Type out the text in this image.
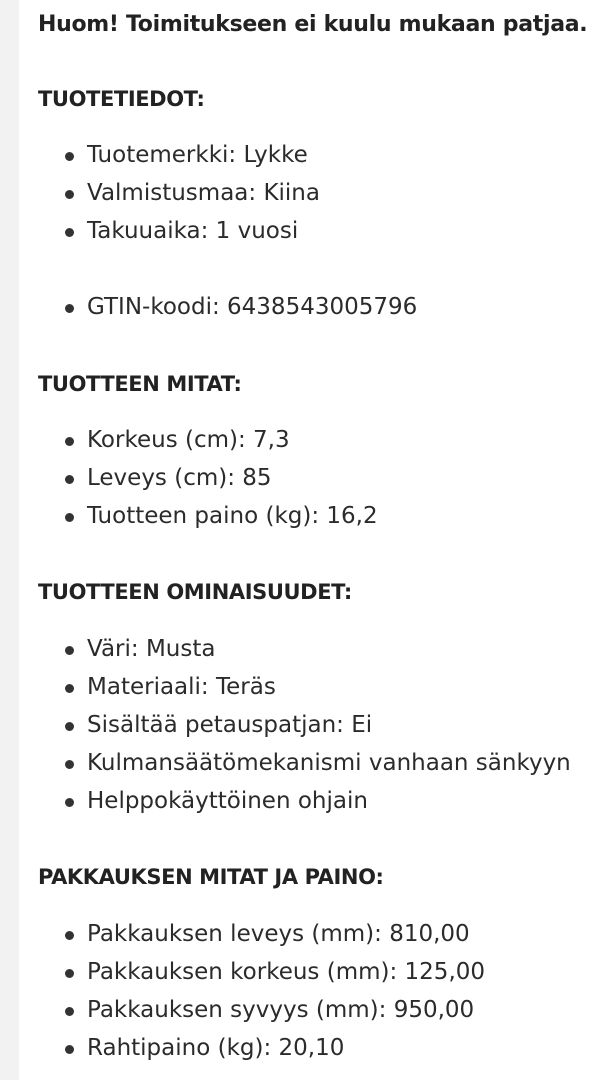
Huom! Toimitukseen ei kuulu mukaan patjaa.
TUOTETIEDOT:
Tuotemerkki: Lykke
Valmistusmaa: Kiina
Takuuaika: 1 vuosi
GTIN-koodi: 6438543005796
TUOTTEEN MITAT:
Korkeus (cm): 7,3
Leveys (cm): 85
Tuotteen paino (kg): 16,2
TUOTTEEN OMINAISUUDET:
Väri: Musta
Materiaali: Teräs
Sisältää petauspatjan: Ei
Kulmansäätömekanismi vanhaan sänkyyn
Helppokäyttöinen ohjain
PAKKAUKSEN MITAT JA PAINO:
Pakkauksen leveys (mm): 810,00
Pakkauksen korkeus (mm): 125,00
Pakkauksen syvyys (mm): 950,00
Rahtipaino (kg): 20,10
